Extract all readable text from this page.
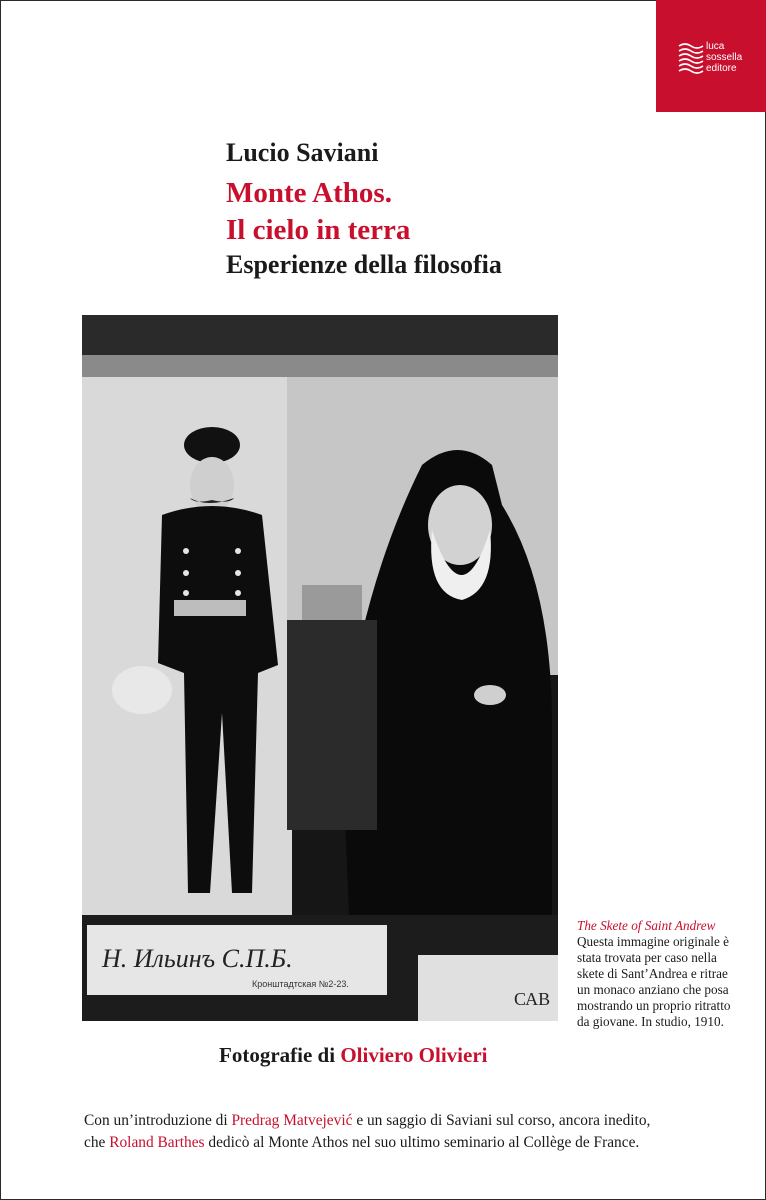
luca
sossella
editore
Lucio Saviani
Monte Athos.
Il cielo in terra
Esperienze della filosofia
Н. Ильинъ С.П.Б.
Кронштадтская №2-23.
САВ
The Skete of Saint Andrew
Questa immagine originale è stata trovata per caso nella skete di Sant’Andrea e ritrae un monaco anziano che posa mostrando un proprio ritratto da giovane. In studio, 1910.
Fotografie di Oliviero Olivieri
Con un’introduzione di Predrag Matvejević e un saggio di Saviani sul corso, ancora inedito,
che Roland Barthes dedicò al Monte Athos nel suo ultimo seminario al Collège de France.
